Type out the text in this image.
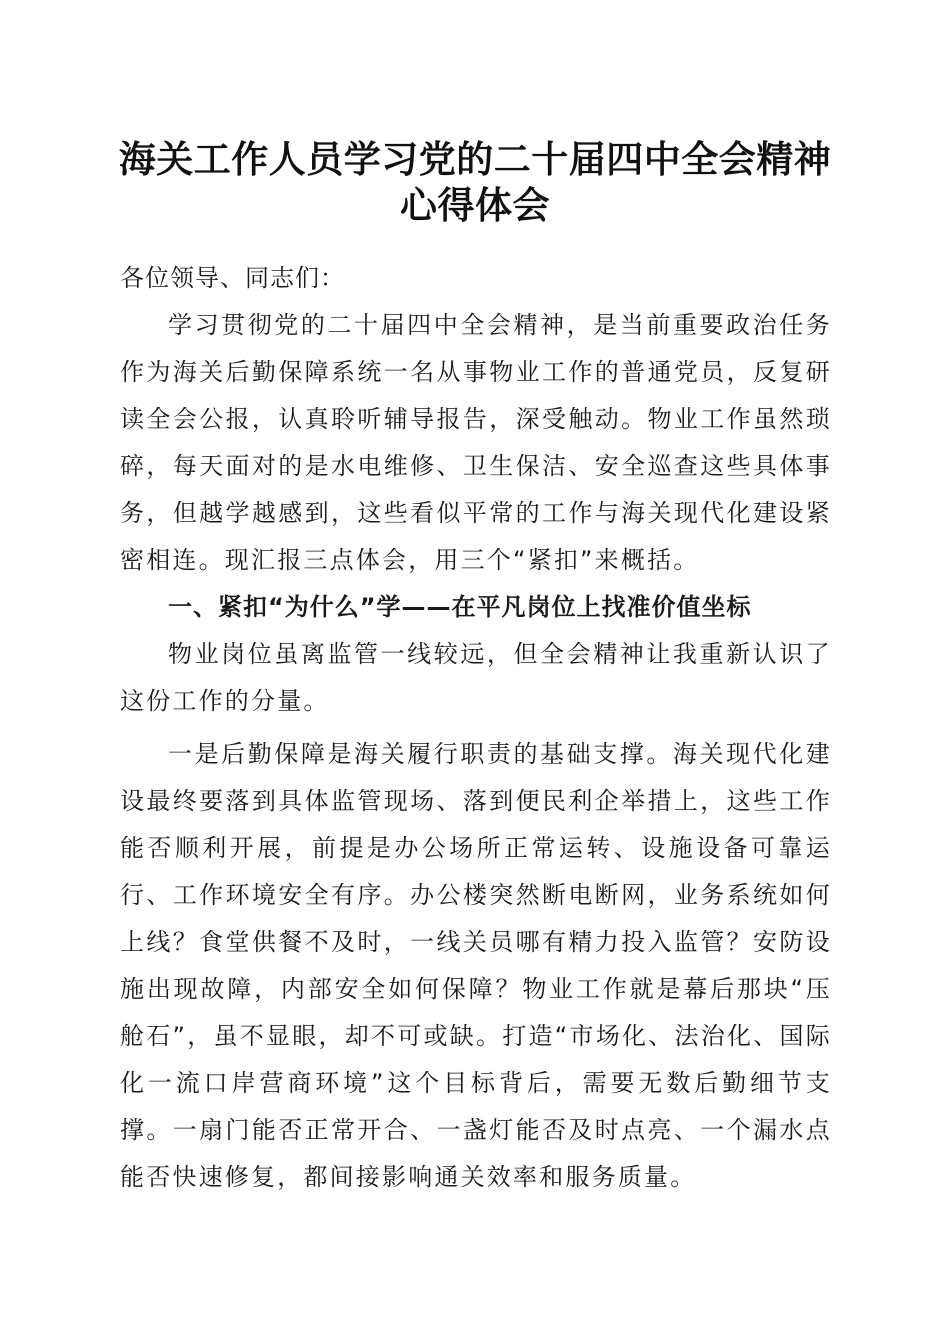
海关工作人员学习党的二十届四中全会精神心得体会

各位领导、同志们：

学习贯彻党的二十届四中全会精神，是当前重要政治任务作为海关后勤保障系统一名从事物业工作的普通党员，反复研读全会公报，认真聆听辅导报告，深受触动。物业工作虽然琐碎，每天面对的是水电维修、卫生保洁、安全巡查这些具体事务，但越学越感到，这些看似平常的工作与海关现代化建设紧密相连。现汇报三点体会，用三个“紧扣”来概括。

一、紧扣“为什么”学——在平凡岗位上找准价值坐标

物业岗位虽离监管一线较远，但全会精神让我重新认识了这份工作的分量。

一是后勤保障是海关履行职责的基础支撑。海关现代化建设最终要落到具体监管现场、落到便民利企举措上，这些工作能否顺利开展，前提是办公场所正常运转、设施设备可靠运行、工作环境安全有序。办公楼突然断电断网，业务系统如何上线？食堂供餐不及时，一线关员哪有精力投入监管？安防设施出现故障，内部安全如何保障？物业工作就是幕后那块“压舱石”，虽不显眼，却不可或缺。打造“市场化、法治化、国际化一流口岸营商环境”这个目标背后，需要无数后勤细节支撑。一扇门能否正常开合、一盏灯能否及时点亮、一个漏水点能否快速修复，都间接影响通关效率和服务质量。
